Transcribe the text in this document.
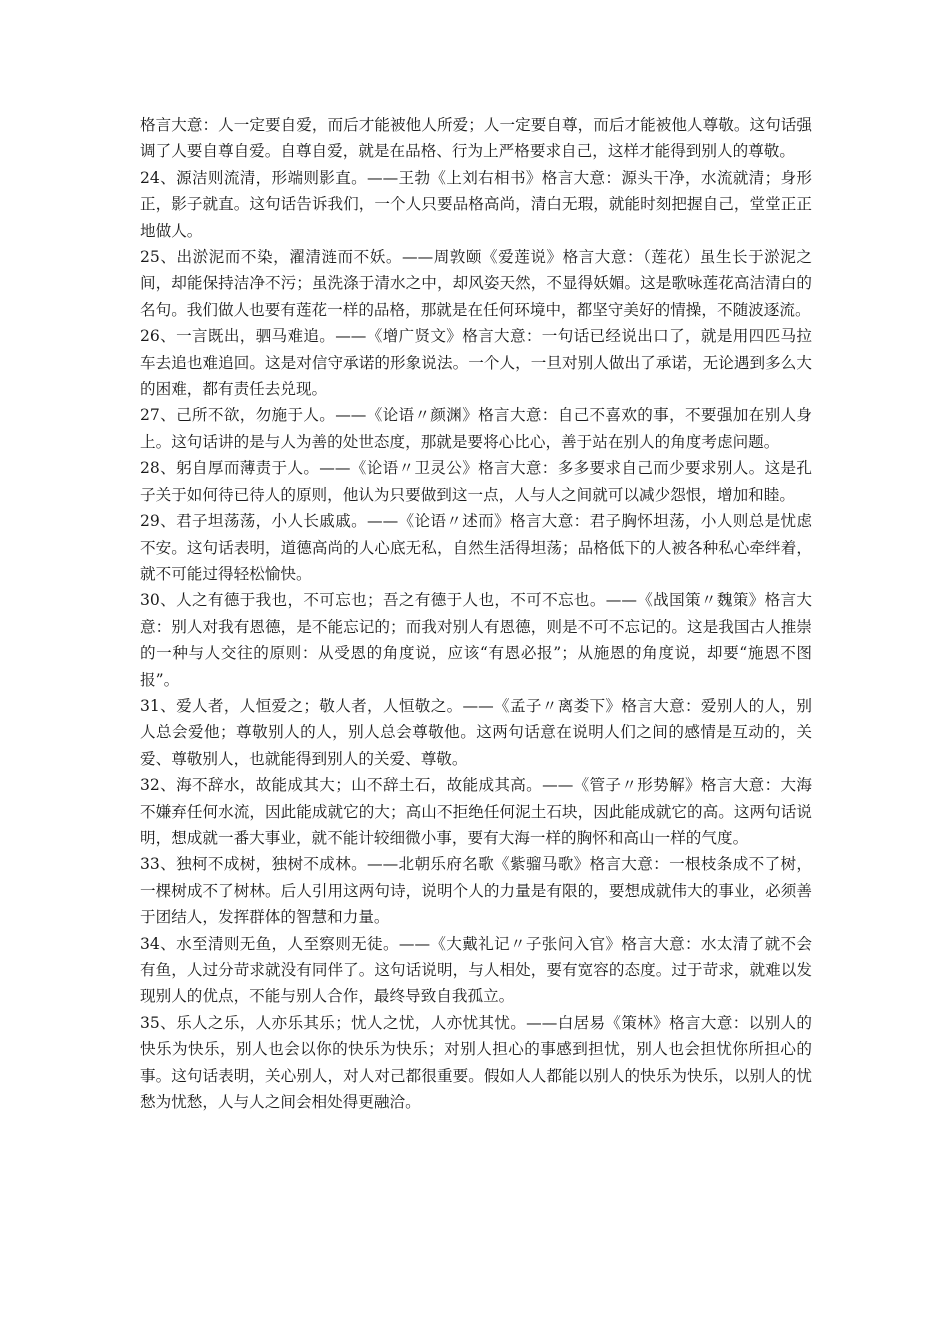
格言大意：人一定要自爱，而后才能被他人所爱；人一定要自尊，而后才能被他人尊敬。这句话强调了人要自尊自爱。自尊自爱，就是在品格、行为上严格要求自己，这样才能得到别人的尊敬。

24、源洁则流清，形端则影直。——王勃《上刘右相书》格言大意：源头干净，水流就清；身形正，影子就直。这句话告诉我们，一个人只要品格高尚，清白无瑕，就能时刻把握自己，堂堂正正地做人。

25、出淤泥而不染，濯清涟而不妖。——周敦颐《爱莲说》格言大意：（莲花）虽生长于淤泥之间，却能保持洁净不污；虽洗涤于清水之中，却风姿天然，不显得妖媚。这是歌咏莲花高洁清白的名句。我们做人也要有莲花一样的品格，那就是在任何环境中，都坚守美好的情操，不随波逐流。

26、一言既出，驷马难追。——《增广贤文》格言大意：一句话已经说出口了，就是用四匹马拉车去追也难追回。这是对信守承诺的形象说法。一个人，一旦对别人做出了承诺，无论遇到多么大的困难，都有责任去兑现。

27、己所不欲，勿施于人。——《论语〃颜渊》格言大意：自己不喜欢的事，不要强加在别人身上。这句话讲的是与人为善的处世态度，那就是要将心比心，善于站在别人的角度考虑问题。

28、躬自厚而薄责于人。——《论语〃卫灵公》格言大意：多多要求自己而少要求别人。这是孔子关于如何待已待人的原则，他认为只要做到这一点，人与人之间就可以减少怨恨，增加和睦。

29、君子坦荡荡，小人长戚戚。——《论语〃述而》格言大意：君子胸怀坦荡，小人则总是忧虑不安。这句话表明，道德高尚的人心底无私，自然生活得坦荡；品格低下的人被各种私心牵绊着，就不可能过得轻松愉快。

30、人之有德于我也，不可忘也；吾之有德于人也，不可不忘也。——《战国策〃魏策》格言大意：别人对我有恩德，是不能忘记的；而我对别人有恩德，则是不可不忘记的。这是我国古人推崇的一种与人交往的原则：从受恩的角度说，应该“有恩必报”；从施恩的角度说，却要“施恩不图报”。

31、爱人者，人恒爱之；敬人者，人恒敬之。——《孟子〃离娄下》格言大意：爱别人的人，别人总会爱他；尊敬别人的人，别人总会尊敬他。这两句话意在说明人们之间的感情是互动的，关爱、尊敬别人，也就能得到别人的关爱、尊敬。

32、海不辞水，故能成其大；山不辞土石，故能成其高。——《管子〃形势解》格言大意：大海不嫌弃任何水流，因此能成就它的大；高山不拒绝任何泥土石块，因此能成就它的高。这两句话说明，想成就一番大事业，就不能计较细微小事，要有大海一样的胸怀和高山一样的气度。

33、独柯不成树，独树不成林。——北朝乐府名歌《紫骝马歌》格言大意：一根枝条成不了树，一棵树成不了树林。后人引用这两句诗，说明个人的力量是有限的，要想成就伟大的事业，必须善于团结人，发挥群体的智慧和力量。

34、水至清则无鱼，人至察则无徒。——《大戴礼记〃子张问入官》格言大意：水太清了就不会有鱼，人过分苛求就没有同伴了。这句话说明，与人相处，要有宽容的态度。过于苛求，就难以发现别人的优点，不能与别人合作，最终导致自我孤立。

35、乐人之乐，人亦乐其乐；忧人之忧，人亦忧其忧。——白居易《策林》格言大意：以别人的快乐为快乐，别人也会以你的快乐为快乐；对别人担心的事感到担忧，别人也会担忧你所担心的事。这句话表明，关心别人，对人对己都很重要。假如人人都能以别人的快乐为快乐，以别人的忧愁为忧愁，人与人之间会相处得更融洽。
